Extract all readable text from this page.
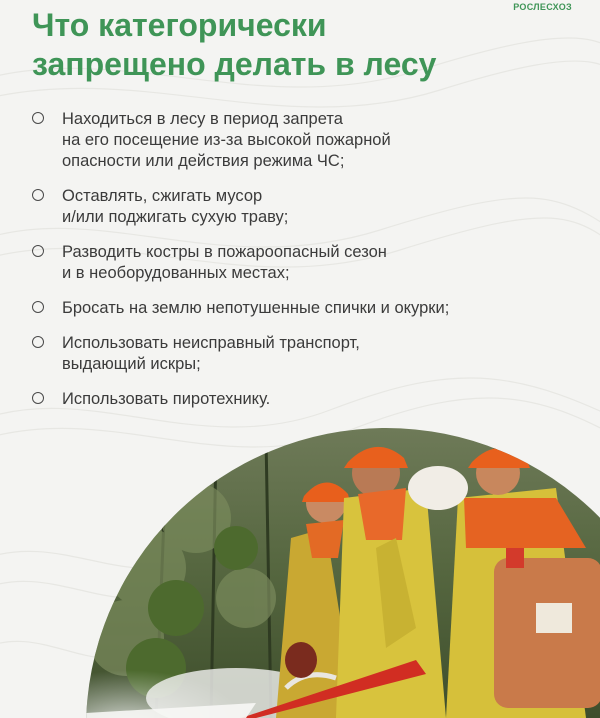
РОСЛЕСХОЗ
Что категорически
запрещено делать в лесу
Находиться в лесу в период запрета
на его посещение из-за высокой пожарной
опасности или действия режима ЧС;
Оставлять, сжигать мусор
и/или поджигать сухую траву;
Разводить костры в пожароопасный сезон
и в необорудованных местах;
Бросать на землю непотушенные спички и окурки;
Использовать неисправный транспорт,
выдающий искры;
Использовать пиротехнику.
